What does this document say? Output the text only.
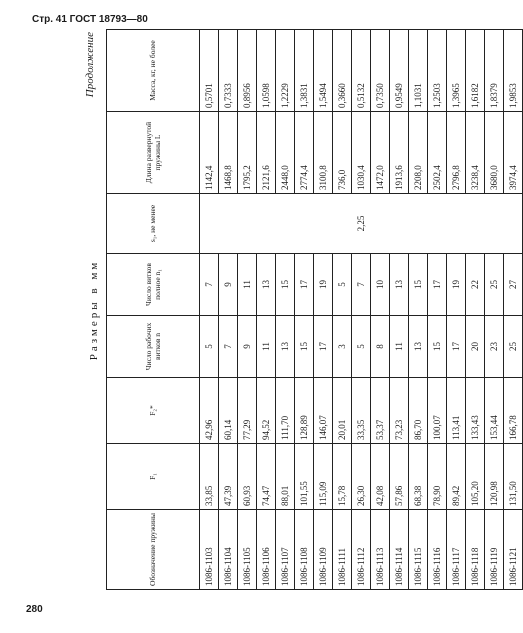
Стр. 41 ГОСТ 18793—80
Продолжение
Размеры в мм
Обозначение пружины	F₁	F₂*	Число рабочих витков n	Число витков полное n₁	s₁, не менее	Длина развернутой пружины L	Масса, кг, не более
1086-1103	33,85	42,96	5	7		1142,4	0,5701
1086-1104	47,39	60,14	7	9		1468,8	0,7333
1086-1105	60,93	77,29	9	11		1795,2	0,8956
1086-1106	74,47	94,52	11	13		2121,6	1,0598
1086-1107	88,01	111,70	13	15		2448,0	1,2229
1086-1108	101,55	128,89	15	17		2774,4	1,3831
1086-1109	115,09	146,07	17	19		3100,8	1,5494
1086-1111	15,78	20,01	3	5		736,0	0,3660
1086-1112	26,30	33,35	5	7	2,25	1030,4	0,5132
1086-1113	42,08	53,37	8	10		1472,0	0,7350
1086-1114	57,86	73,23	11	13		1913,6	0,9549
1086-1115	68,38	86,70	13	15		2208,0	1,1031
1086-1116	78,90	100,07	15	17		2502,4	1,2503
1086-1117	89,42	113,41	17	19		2796,8	1,3965
1086-1118	105,20	133,43	20	22		3238,4	1,6182
1086-1119	120,98	153,44	23	25		3680,0	1,8379
1086-1121	131,50	166,78	25	27		3974,4	1,9853
280
